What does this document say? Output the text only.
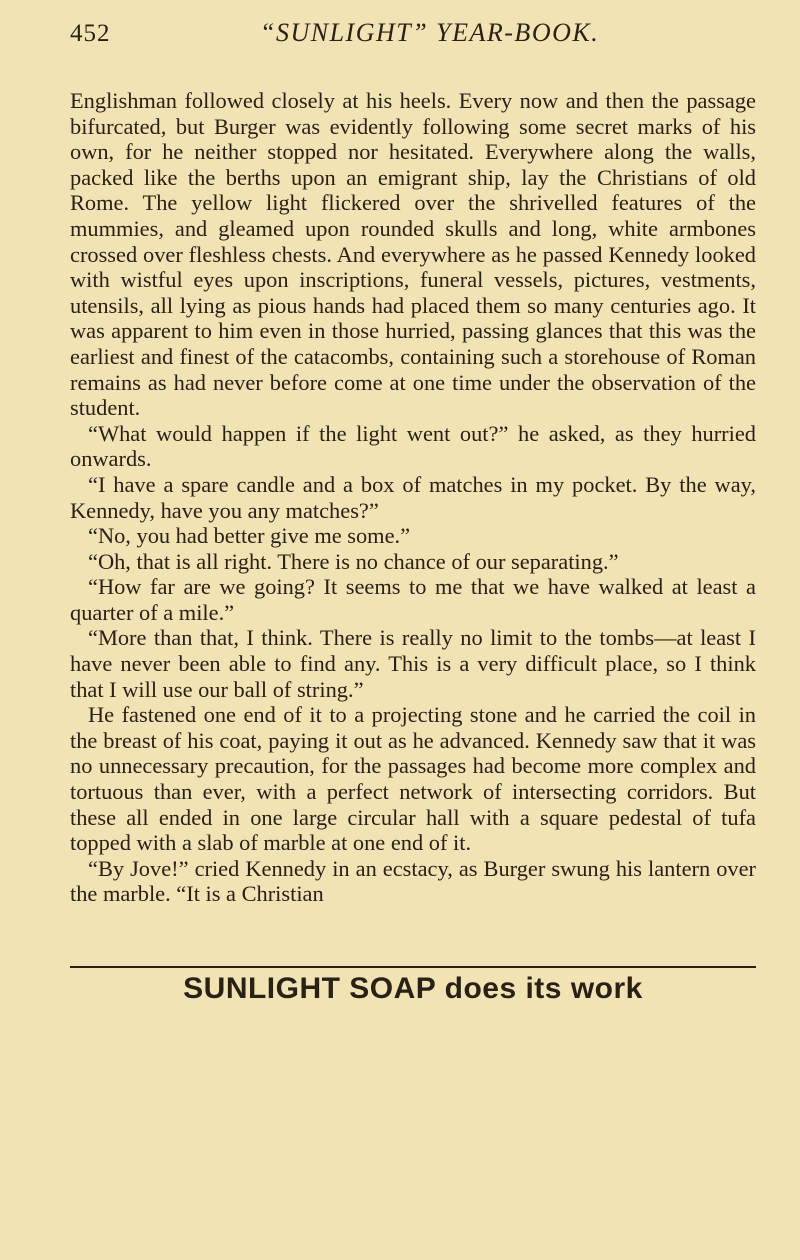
452	“SUNLIGHT” YEAR-BOOK.

Englishman followed closely at his heels. Every now and then the passage bifurcated, but Burger was evidently following some secret marks of his own, for he neither stopped nor hesitated. Everywhere along the walls, packed like the berths upon an emigrant ship, lay the Christians of old Rome. The yellow light flickered over the shrivelled features of the mummies, and gleamed upon rounded skulls and long, white armbones crossed over fleshless chests. And everywhere as he passed Kennedy looked with wistful eyes upon inscriptions, funeral vessels, pictures, vestments, utensils, all lying as pious hands had placed them so many centuries ago. It was apparent to him even in those hurried, passing glances that this was the earliest and finest of the catacombs, containing such a storehouse of Roman remains as had never before come at one time under the observation of the student.

“What would happen if the light went out?” he asked, as they hurried onwards.

“I have a spare candle and a box of matches in my pocket. By the way, Kennedy, have you any matches?”

“No, you had better give me some.”

“Oh, that is all right. There is no chance of our separating.”

“How far are we going? It seems to me that we have walked at least a quarter of a mile.”

“More than that, I think. There is really no limit to the tombs—at least I have never been able to find any. This is a very difficult place, so I think that I will use our ball of string.”

He fastened one end of it to a projecting stone and he carried the coil in the breast of his coat, paying it out as he advanced. Kennedy saw that it was no unnecessary precaution, for the passages had become more complex and tortuous than ever, with a perfect network of intersecting corridors. But these all ended in one large circular hall with a square pedestal of tufa topped with a slab of marble at one end of it.

“By Jove!” cried Kennedy in an ecstacy, as Burger swung his lantern over the marble. “It is a Christian

SUNLIGHT SOAP does its work
